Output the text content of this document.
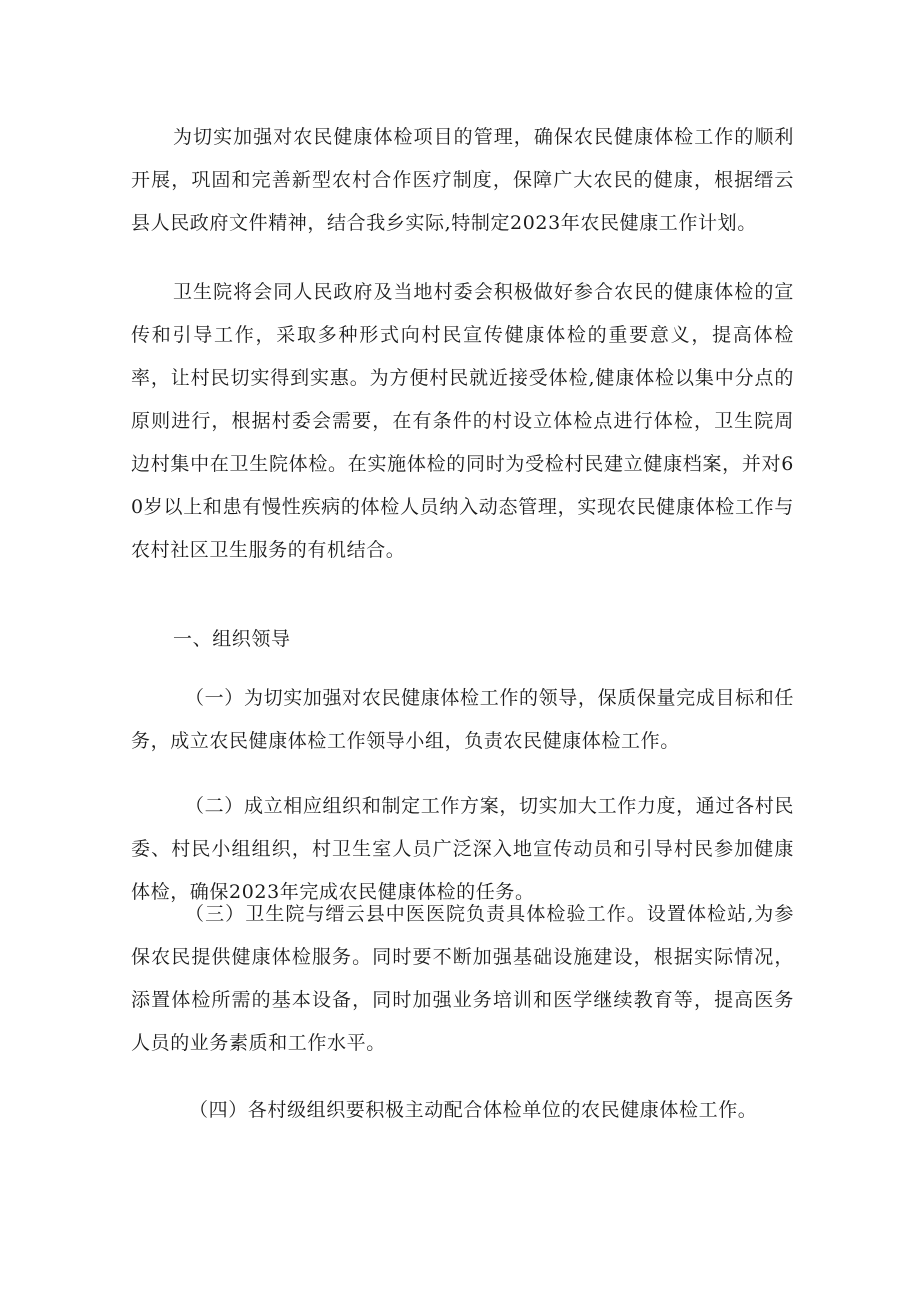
为切实加强对农民健康体检项目的管理，确保农民健康体检工作的顺利开展，巩固和完善新型农村合作医疗制度，保障广大农民的健康，根据缙云县人民政府文件精神，结合我乡实际,特制定2023年农民健康工作计划。

卫生院将会同人民政府及当地村委会积极做好参合农民的健康体检的宣传和引导工作，采取多种形式向村民宣传健康体检的重要意义，提高体检率，让村民切实得到实惠。为方便村民就近接受体检,健康体检以集中分点的原则进行，根据村委会需要，在有条件的村设立体检点进行体检，卫生院周边村集中在卫生院体检。在实施体检的同时为受检村民建立健康档案，并对60岁以上和患有慢性疾病的体检人员纳入动态管理，实现农民健康体检工作与农村社区卫生服务的有机结合。

一、组织领导

（一）为切实加强对农民健康体检工作的领导，保质保量完成目标和任务，成立农民健康体检工作领导小组，负责农民健康体检工作。

（二）成立相应组织和制定工作方案，切实加大工作力度，通过各村民委、村民小组组织，村卫生室人员广泛深入地宣传动员和引导村民参加健康体检，确保2023年完成农民健康体检的任务。

（三）卫生院与缙云县中医医院负责具体检验工作。设置体检站,为参保农民提供健康体检服务。同时要不断加强基础设施建设，根据实际情况，添置体检所需的基本设备，同时加强业务培训和医学继续教育等，提高医务人员的业务素质和工作水平。

（四）各村级组织要积极主动配合体检单位的农民健康体检工作。
